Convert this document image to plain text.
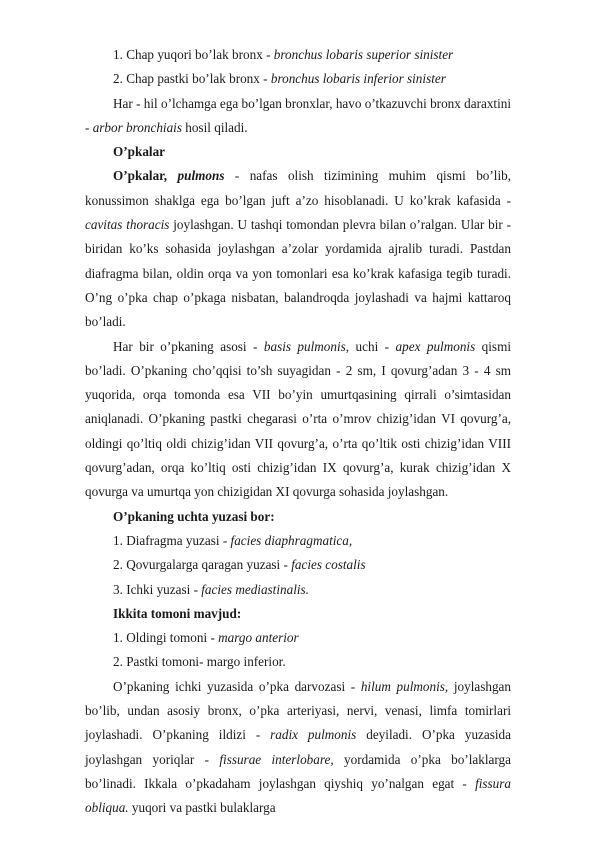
1. Chap yuqori bo’lak bronx - bronchus lobaris superior sinister

2. Chap pastki bo’lak bronx - bronchus lobaris inferior sinister

Har - hil o’lchamga ega bo’lgan bronxlar, havo o’tkazuvchi bronx daraxtini - arbor bronchiais hosil qiladi.

O’pkalar

O’pkalar, pulmons - nafas olish tizimining muhim qismi bo’lib, konussimon shaklga ega bo’lgan juft a’zo hisoblanadi. U ko’krak kafasida - cavitas thoracis joylashgan. U tashqi tomondan plevra bilan o’ralgan. Ular bir - biridan ko’ks sohasida joylashgan a’zolar yordamida ajralib turadi. Pastdan diafragma bilan, oldin orqa va yon tomonlari esa ko’krak kafasiga tegib turadi. O’ng o’pka chap o’pkaga nisbatan, balandroqda joylashadi va hajmi kattaroq bo’ladi.

Har bir o’pkaning asosi - basis pulmonis, uchi - apex pulmonis qismi bo’ladi. O’pkaning cho’qqisi to’sh suyagidan - 2 sm, I qovurg’adan 3 - 4 sm yuqorida, orqa tomonda esa VII bo’yin umurtqasining qirrali o’simtasidan aniqlanadi. O’pkaning pastki chegarasi o’rta o’mrov chizig’idan VI qovurg’a, oldingi qo’ltiq oldi chizig’idan VII qovurg’a, o’rta qo’ltik osti chizig’idan VIII qovurg’adan, orqa ko’ltiq osti chizig’idan IX qovurg’a, kurak chizig’idan X qovurga va umurtqa yon chizigidan XI qovurga sohasida joylashgan.

O’pkaning uchta yuzasi bor:

1. Diafragma yuzasi - facies diaphragmatica,

2. Qovurgalarga qaragan yuzasi - facies costalis

3. Ichki yuzasi - facies mediastinalis.

Ikkita tomoni mavjud:

1. Oldingi tomoni - margo anterior

2. Pastki tomoni- margo inferior.

O’pkaning ichki yuzasida o’pka darvozasi - hilum pulmonis, joylashgan bo’lib, undan asosiy bronx, o’pka arteriyasi, nervi, venasi, limfa tomirlari joylashadi. O’pkaning ildizi - radix pulmonis deyiladi. O’pka yuzasida joylashgan yoriqlar - fissurae interlobare, yordamida o’pka bo’laklarga bo’linadi. Ikkala o’pkadaham joylashgan qiyshiq yo’nalgan egat - fissura obliqua. yuqori va pastki bulaklarga
